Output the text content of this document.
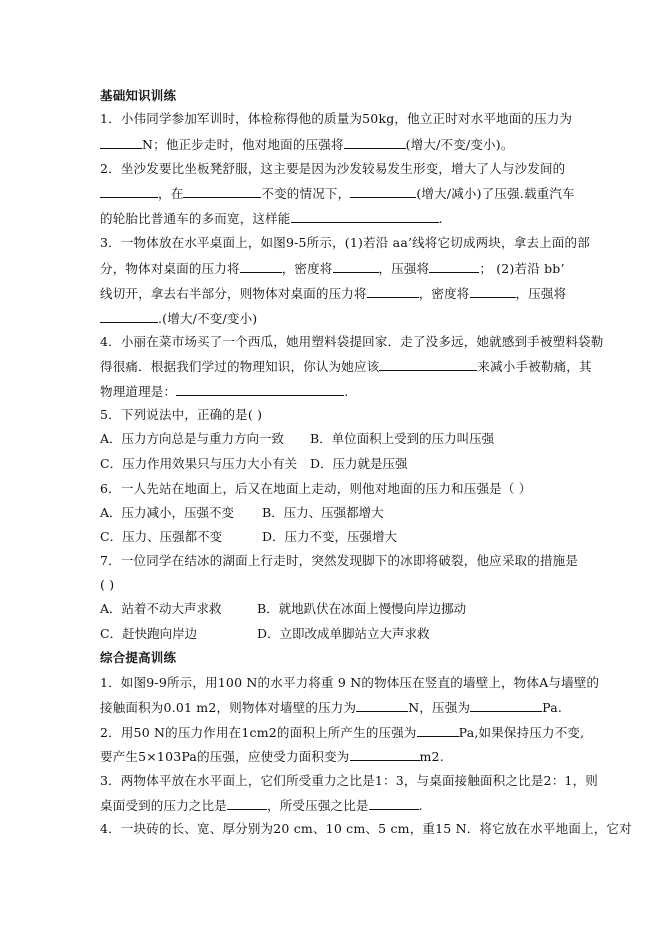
基础知识训练
1．小伟同学参加军训时，体检称得他的质量为50kg，他立正时对水平地面的压力为
N；他正步走时，他对地面的压强将	(增大/不变/变小)。
2．坐沙发要比坐板凳舒服，这主要是因为沙发较易发生形变，增大了人与沙发间的
，在	不变的情况下，	(增大/减小)了压强.载重汽车
的轮胎比普通车的多而宽，这样能	.
3．一物体放在水平桌面上，如图9-5所示，(1)若沿 aa’线将它切成两块，拿去上面的部
分，物体对桌面的压力将	，密度将	，压强将	； (2)若沿 bb’
线切开，拿去右半部分，则物体对桌面的压力将	，密度将	，压强将
.(增大/不变/变小)
4．小丽在菜市场买了一个西瓜，她用塑料袋提回家．走了没多远，她就感到手被塑料袋勒
得很痛．根据我们学过的物理知识，你认为她应该	来减小手被勒痛，其
物理道理是：	.
5．下列说法中，正确的是( )
A．压力方向总是与重力方向一致 B．单位面积上受到的压力叫压强
C．压力作用效果只与压力大小有关 D．压力就是压强
6．一人先站在地面上，后又在地面上走动，则他对地面的压力和压强是（ ）
A．压力减小，压强不变 B．压力、压强都增大
C．压力、压强都不变	D．压力不变，压强增大
7．一位同学在结冰的湖面上行走时，突然发现脚下的冰即将破裂，他应采取的措施是
( )
A．站着不动大声求救	B．就地趴伏在冰面上慢慢向岸边挪动
C．赶快跑向岸边	D．立即改成单脚站立大声求救
综合提高训练
1．如图9-9所示，用100 N的水平力将重 9 N的物体压在竖直的墙壁上，物体A与墙壁的
接触面积为0.01 m2，则物体对墙壁的压力为	N，压强为	Pa.
2．用50 N的压力作用在1cm2的面积上所产生的压强为	Pa,如果保持压力不变,
要产生5×103Pa的压强，应使受力面积变为	m2.
3．两物体平放在水平面上，它们所受重力之比是1：3，与桌面接触面积之比是2：1，则
桌面受到的压力之比是	，所受压强之比是	.
4．一块砖的长、宽、厚分别为20 cm、10 cm、5 cm，重15 N．将它放在水平地面上，它对
